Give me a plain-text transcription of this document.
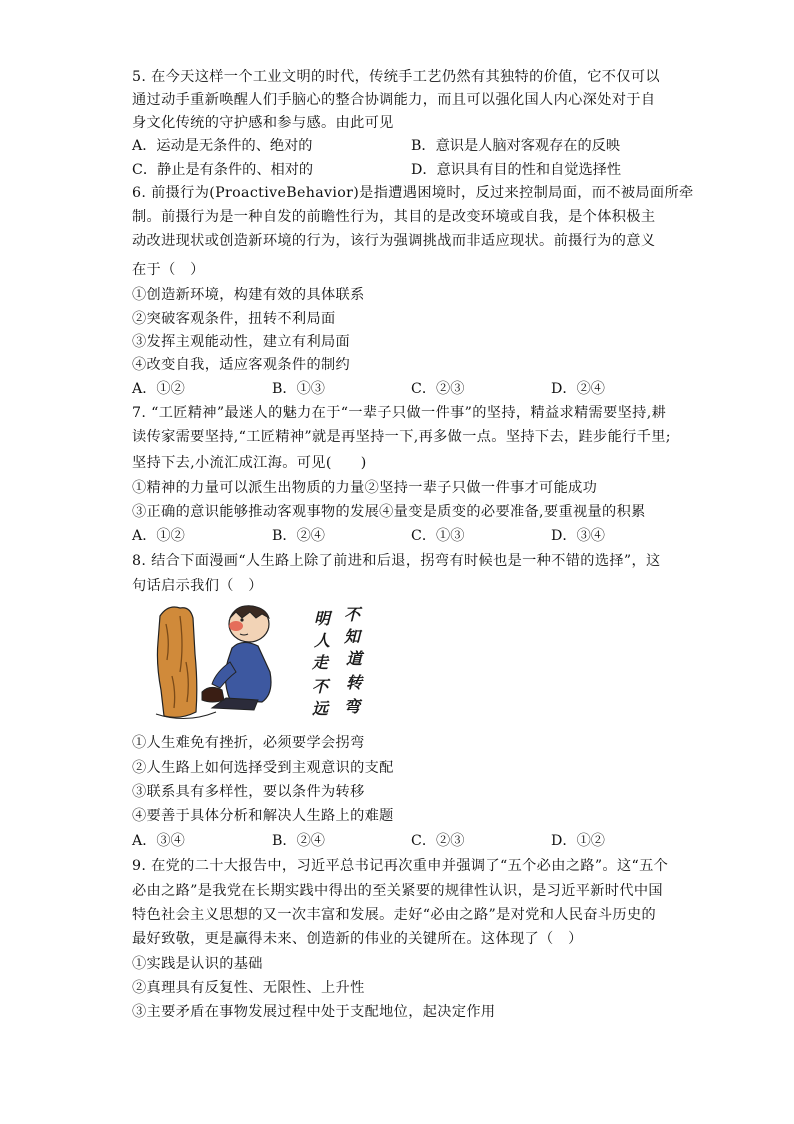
5. 在今天这样一个工业文明的时代，传统手工艺仍然有其独特的价值，它不仅可以
通过动手重新唤醒人们手脑心的整合协调能力，而且可以强化国人内心深处对于自
身文化传统的守护感和参与感。由此可见
A．运动是无条件的、绝对的	B．意识是人脑对客观存在的反映
C．静止是有条件的、相对的	D．意识具有目的性和自觉选择性
6. 前摄行为(ProactiveBehavior)是指遭遇困境时，反过来控制局面，而不被局面所牵
制。前摄行为是一种自发的前瞻性行为，其目的是改变环境或自我，是个体积极主
动改进现状或创造新环境的行为，该行为强调挑战而非适应现状。前摄行为的意义
在于（　）
①创造新环境，构建有效的具体联系
②突破客观条件，扭转不利局面
③发挥主观能动性，建立有利局面
④改变自我，适应客观条件的制约
A．①②	B．①③	C．②③	D．②④
7. “工匠精神”最迷人的魅力在于“一辈子只做一件事”的坚持，精益求精需要坚持,耕
读传家需要坚持,“工匠精神”就是再坚持一下,再多做一点。坚持下去，跬步能行千里;
坚持下去,小流汇成江海。可见(　　)
①精神的力量可以派生出物质的力量②坚持一辈子只做一件事才可能成功
③正确的意识能够推动客观事物的发展④量变是质变的必要准备,要重视量的积累
A．①②	B．②④	C．①③	D．③④
8. 结合下面漫画“人生路上除了前进和后退，拐弯有时候也是一种不错的选择”，这
句话启示我们（　）
不
知
道
转
弯
明
人
走
不
远
①人生难免有挫折，必须要学会拐弯
②人生路上如何选择受到主观意识的支配
③联系具有多样性，要以条件为转移
④要善于具体分析和解决人生路上的难题
A．③④	B．②④	C．②③	D．①②
9. 在党的二十大报告中，习近平总书记再次重申并强调了“五个必由之路”。这“五个
必由之路”是我党在长期实践中得出的至关紧要的规律性认识，是习近平新时代中国
特色社会主义思想的又一次丰富和发展。走好“必由之路”是对党和人民奋斗历史的
最好致敬，更是赢得未来、创造新的伟业的关键所在。这体现了（　）
①实践是认识的基础
②真理具有反复性、无限性、上升性
③主要矛盾在事物发展过程中处于支配地位，起决定作用
